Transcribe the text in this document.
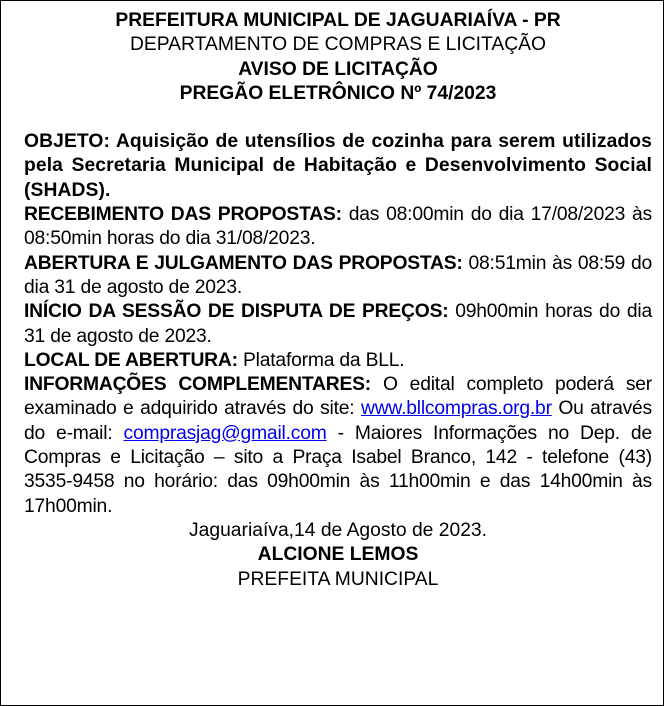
PREFEITURA MUNICIPAL DE JAGUARIAÍVA - PR
DEPARTAMENTO DE COMPRAS E LICITAÇÃO
AVISO DE LICITAÇÃO
PREGÃO ELETRÔNICO Nº 74/2023
OBJETO: Aquisição de utensílios de cozinha para serem utilizados pela Secretaria Municipal de Habitação e Desenvolvimento Social (SHADS).
RECEBIMENTO DAS PROPOSTAS: das 08:00min do dia 17/08/2023 às 08:50min horas do dia 31/08/2023.
ABERTURA E JULGAMENTO DAS PROPOSTAS: 08:51min às 08:59 do dia 31 de agosto de 2023.
INÍCIO DA SESSÃO DE DISPUTA DE PREÇOS: 09h00min horas do dia 31 de agosto de 2023.
LOCAL DE ABERTURA: Plataforma da BLL.
INFORMAÇÕES COMPLEMENTARES: O edital completo poderá ser examinado e adquirido através do site: www.bllcompras.org.br Ou através do e-mail: comprasjag@gmail.com - Maiores Informações no Dep. de Compras e Licitação – sito a Praça Isabel Branco, 142 - telefone (43) 3535-9458 no horário: das 09h00min às 11h00min e das 14h00min às 17h00min.
Jaguariaíva,14 de Agosto de 2023.
ALCIONE LEMOS
PREFEITA MUNICIPAL
